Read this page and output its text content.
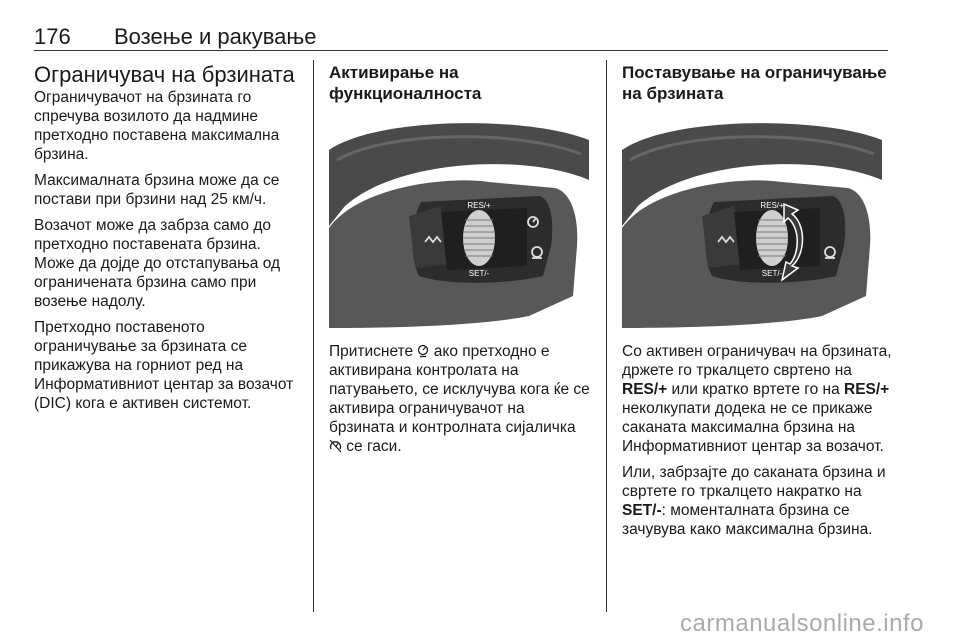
176 Возење и ракување
Ограничувач на брзината

Ограничувачот на брзината го спречува возилото да надмине претходно поставена максимална брзина.

Максималната брзина може да се постави при брзини над 25 км/ч.

Возачот може да забрза само до претходно поставената брзина. Може да дојде до отстапувања од ограничената брзина само при возење надолу.

Претходно поставеното ограничување за брзината се прикажува на горниот ред на Информативниот центар за возачот (DIC) кога е активен системот.

Активирање на функционалноста
RES/+
SET/-

Притиснете  ако претходно е активирана контролата на патувањето, се исклучува кога ќе се активира ограничувачот на брзината и контролната сијаличка  се гаси.

Поставување на ограничување на брзината
RES/+
SET/-

Со активен ограничувач на брзината, држете го тркалцето свртено на RES/+ или кратко вртете го на RES/+ неколкупати додека не се прикаже саканата максимална брзина на Информативниот центар за возачот.

Или, забрзајте до саканата брзина и свртете го тркалцето накратко на SET/-: моменталната брзина се зачувува како максимална брзина.

carmanualsonline.info
